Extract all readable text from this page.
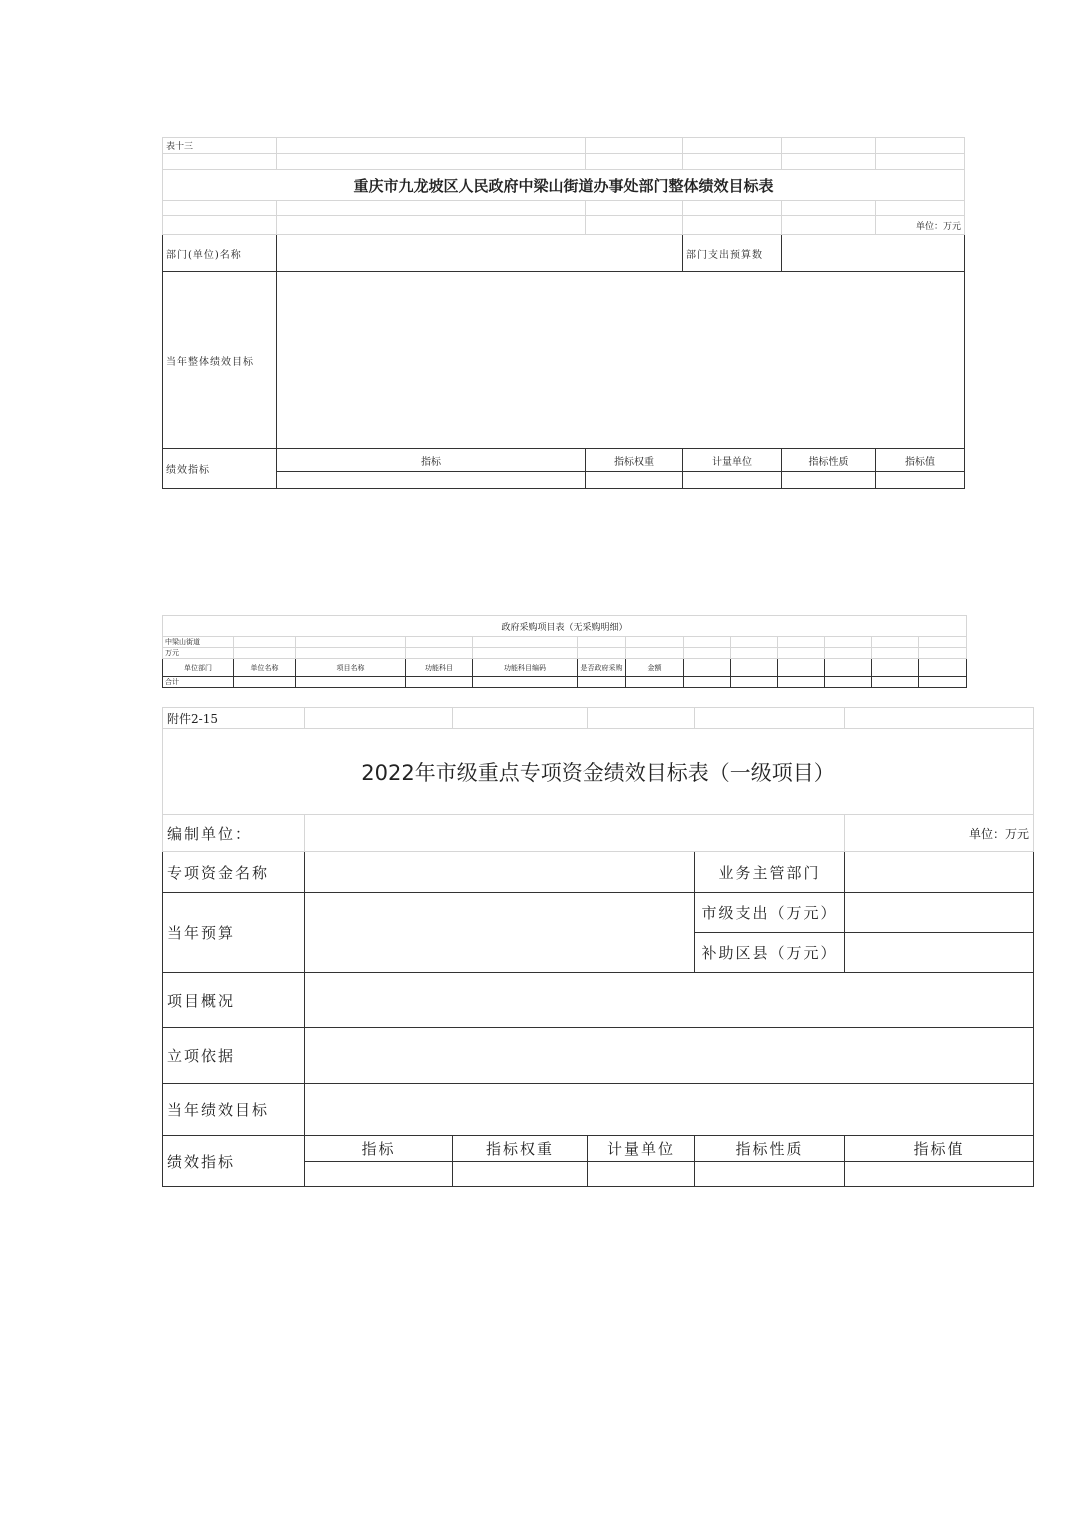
表十三					

重庆市九龙坡区人民政府中梁山街道办事处部门整体绩效目标表					

					单位：万元
部门(单位)名称			部门支出预算数		
当年整体绩效目标					
绩效指标	指标	指标权重	计量单位	指标性质	指标值

政府采购项目表（无采购明细）												
中梁山街道												
万元												
单位部门	单位名称	项目名称	功能科目	功能科目编码	是否政府采购	金额						
合计												
附件2-15					
2022年市级重点专项资金绩效目标表（一级项目）					
编制单位：					单位：万元
专项资金名称				业务主管部门	
当年预算				市级支出（万元）	
				补助区县（万元）	
项目概况					
立项依据					
当年绩效目标					
绩效指标	指标	指标权重	计量单位	指标性质	指标值
